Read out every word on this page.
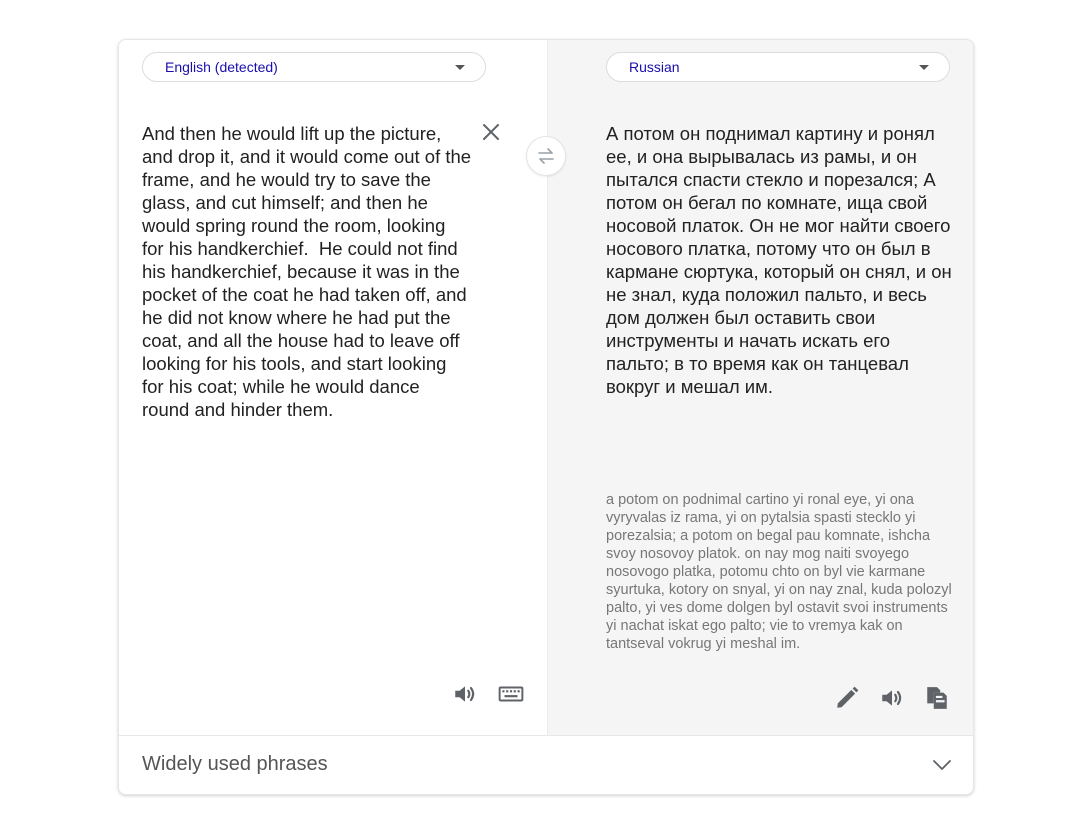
English (detected)
And then he would lift up the picture, and drop it, and it would come out of the frame, and he would try to save the glass, and cut himself; and then he would spring round the room, looking for his handkerchief.  He could not find his handkerchief, because it was in the pocket of the coat he had taken off, and he did not know where he had put the coat, and all the house had to leave off looking for his tools, and start looking for his coat; while he would dance round and hinder them.
Russian
А потом он поднимал картину и ронял ее, и она вырывалась из рамы, и он пытался спасти стекло и порезался; А потом он бегал по комнате, ища свой носовой платок. Он не мог найти своего носового платка, потому что он был в кармане сюртука, который он снял, и он не знал, куда положил пальто, и весь дом должен был оставить свои инструменты и начать искать его пальто; в то время как он танцевал вокруг и мешал им.
a potom on podnimal cartino yi ronal eye, yi ona vyryvalas iz rama, yi on pytalsia spasti stecklo yi porezalsia; a potom on begal pau komnate, ishcha svoy nosovoy platok. on nay mog naiti svoyego nosovogo platka, potomu chto on byl vie karmane syurtuka, kotory on snyal, yi on nay znal, kuda polozyl palto, yi ves dome dolgen byl ostavit svoi instruments yi nachat iskat ego palto; vie to vremya kak on tantseval vokrug yi meshal im.
Widely used phrases
